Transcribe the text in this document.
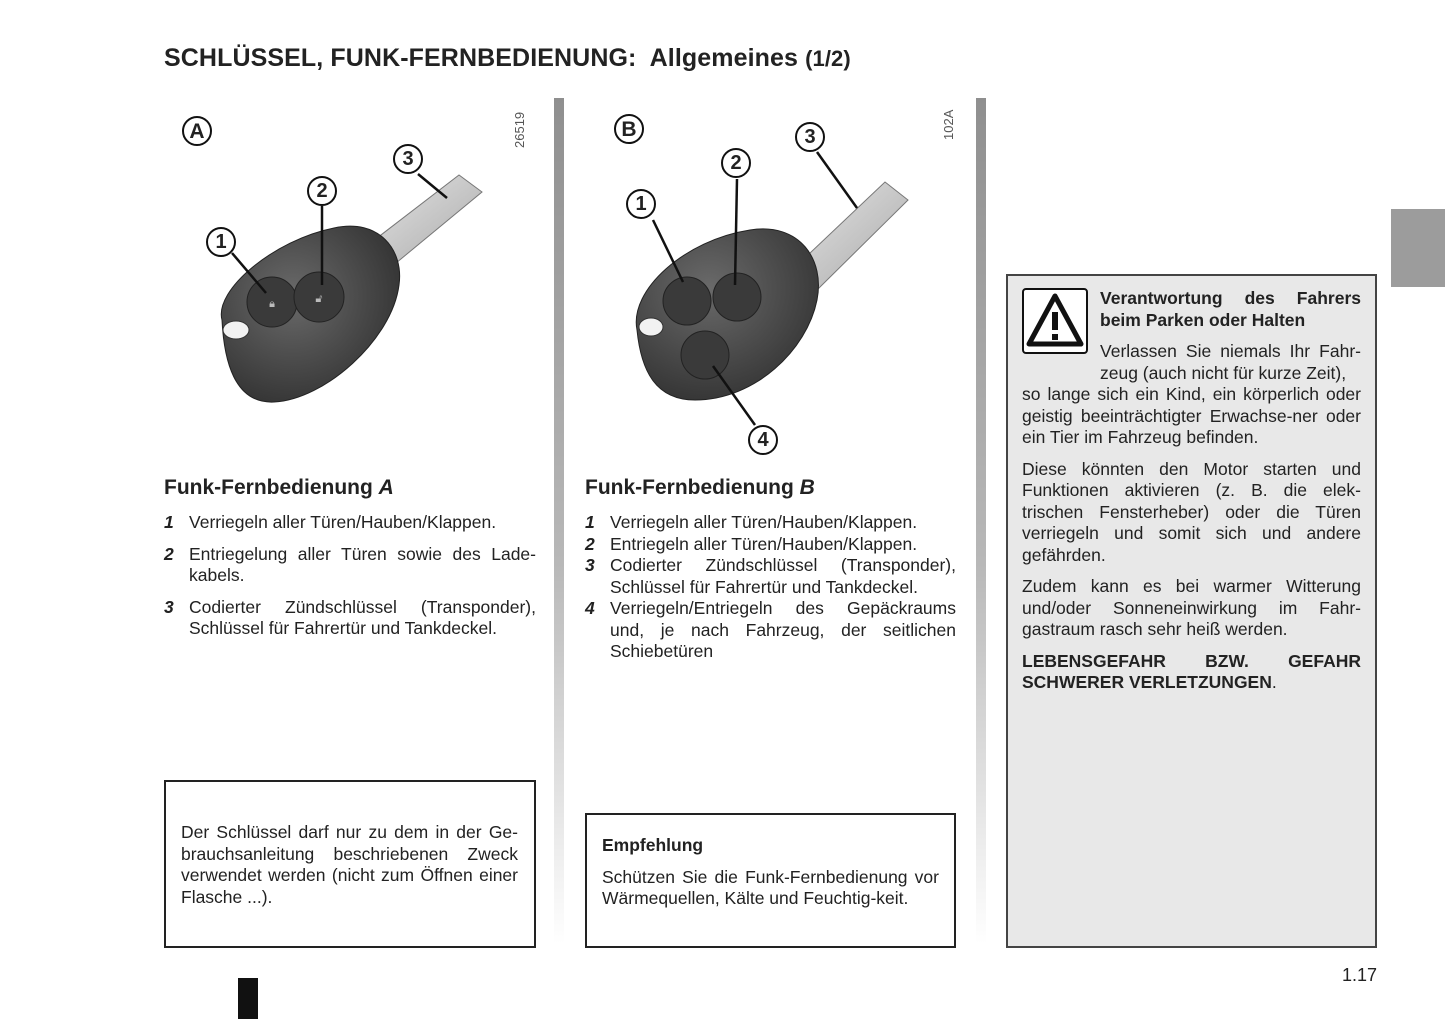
SCHLÜSSEL, FUNK-FERNBEDIENUNG: Allgemeines (1/2)
🔒︎	🔓︎
A
1
2
3
26519	B
1
2
3
4
102A
Funk-Fernbedienung A
1 Verriegeln aller Türen/Hauben/Klappen.
2 Entriegelung aller Türen sowie des Lade-kabels.
3 Codierter Zündschlüssel (Transponder), Schlüssel für Fahrertür und Tankdeckel.

Der Schlüssel darf nur zu dem in der Ge-brauchsanleitung beschriebenen Zweck verwendet werden (nicht zum Öffnen einer Flasche ...).

Funk-Fernbedienung B
1 Verriegeln aller Türen/Hauben/Klappen.
2 Entriegeln aller Türen/Hauben/Klappen.
3 Codierter Zündschlüssel (Transponder), Schlüssel für Fahrertür und Tankdeckel.
4 Verriegeln/Entriegeln des Gepäckraums und, je nach Fahrzeug, der seitlichen Schiebetüren

Empfehlung

Schützen Sie die Funk-Fernbedienung vor Wärmequellen, Kälte und Feuchtig-keit.

Verantwortung des Fahrers beim Parken oder Halten

Verlassen Sie niemals Ihr Fahr-zeug (auch nicht für kurze Zeit),

so lange sich ein Kind, ein körperlich oder geistig beeinträchtigter Erwachse-ner oder ein Tier im Fahrzeug befinden.

Diese könnten den Motor starten und Funktionen aktivieren (z. B. die elek-trischen Fensterheber) oder die Türen verriegeln und somit sich und andere gefährden.

Zudem kann es bei warmer Witterung und/oder Sonneneinwirkung im Fahr-gastraum rasch sehr heiß werden.

LEBENSGEFAHR BZW. GEFAHR SCHWERER VERLETZUNGEN.

1.17
